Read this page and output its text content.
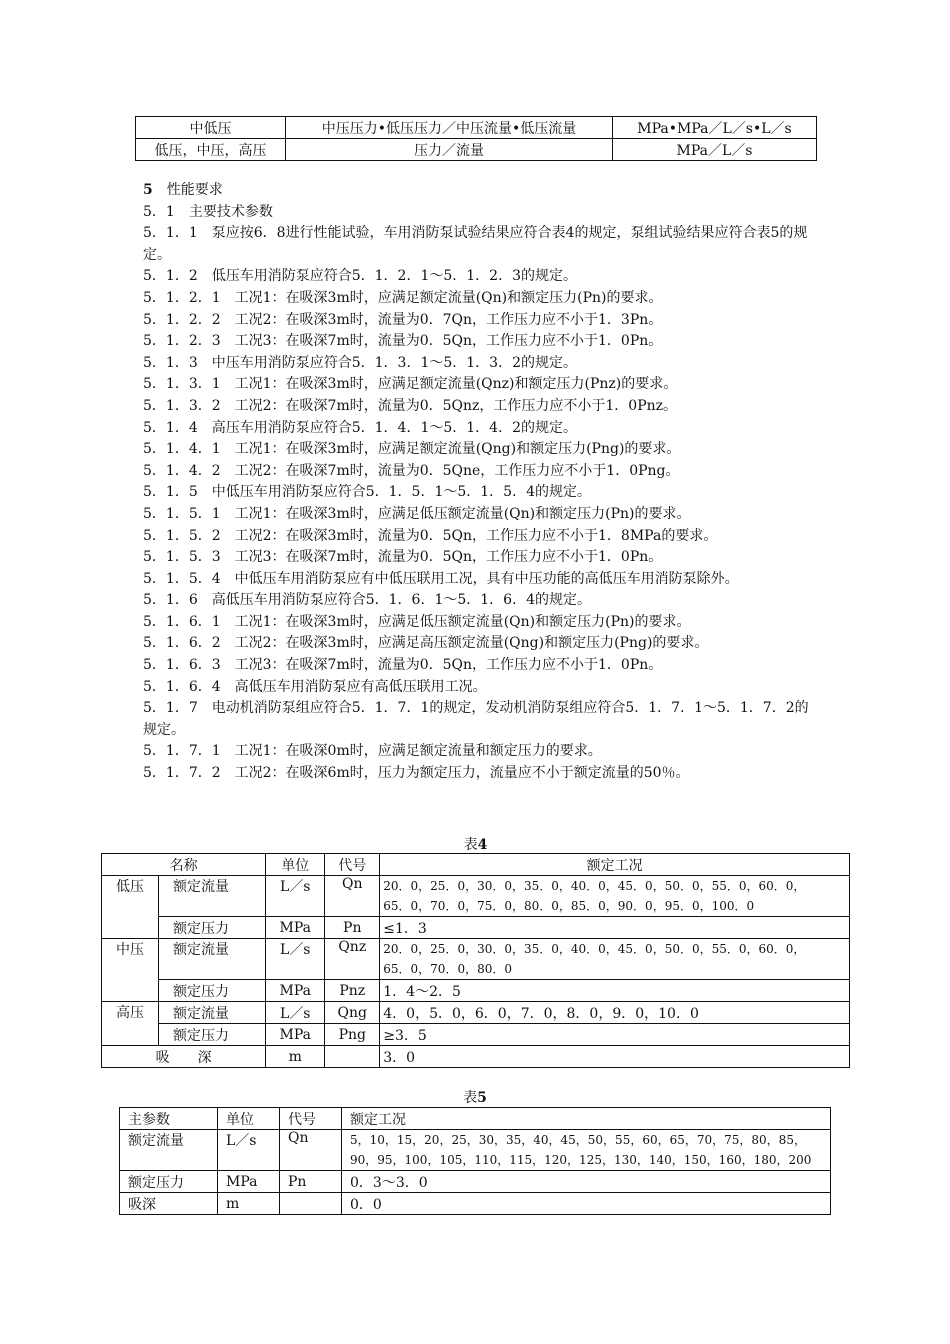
中低压	中压压力•低压压力／中压流量•低压流量	MPa•MPa／L／s•L／s
低压，中压，高压	压力／流量	MPa／L／s

5　 性能要求

5．1　主要技术参数

5．1．1　泵应按6．8进行性能试验，车用消防泵试验结果应符合表4的规定，泵组试验结果应符合表5的规定。

5．1．2　低压车用消防泵应符合5．1．2．1～5．1．2．3的规定。

5．1．2．1　工况1：在吸深3m时，应满足额定流量(Qn)和额定压力(Pn)的要求。

5．1．2．2　工况2：在吸深3m时，流量为0．7Qn，工作压力应不小于1．3Pn。

5．1．2．3　工况3：在吸深7m时，流量为0．5Qn，工作压力应不小于1．0Pn。

5．1．3　中压车用消防泵应符合5．1．3．1～5．1．3．2的规定。

5．1．3．1　工况1：在吸深3m时，应满足额定流量(Qnz)和额定压力(Pnz)的要求。

5．1．3．2　工况2：在吸深7m时，流量为0．5Qnz，工作压力应不小于1．0Pnz。

5．1．4　高压车用消防泵应符合5．1．4．1～5．1．4．2的规定。

5．1．4．1　工况1：在吸深3m时，应满足额定流量(Qng)和额定压力(Png)的要求。

5．1．4．2　工况2：在吸深7m时，流量为0．5Qne，工作压力应不小于1．0Png。

5．1．5　中低压车用消防泵应符合5．1．5．1～5．1．5．4的规定。

5．1．5．1　工况1：在吸深3m时，应满足低压额定流量(Qn)和额定压力(Pn)的要求。

5．1．5．2　工况2：在吸深3m时，流量为0．5Qn，工作压力应不小于1．8MPa的要求。

5．1．5．3　工况3：在吸深7m时，流量为0．5Qn，工作压力应不小于1．0Pn。

5．1．5．4　中低压车用消防泵应有中低压联用工况，具有中压功能的高低压车用消防泵除外。

5．1．6　高低压车用消防泵应符合5．1．6．1～5．1．6．4的规定。

5．1．6．1　工况1：在吸深3m时，应满足低压额定流量(Qn)和额定压力(Pn)的要求。

5．1．6．2　工况2：在吸深3m时，应满足高压额定流量(Qng)和额定压力(Png)的要求。

5．1．6．3　工况3：在吸深7m时，流量为0．5Qn，工作压力应不小于1．0Pn。

5．1．6．4　高低压车用消防泵应有高低压联用工况。

5．1．7　电动机消防泵组应符合5．1．7．1的规定，发动机消防泵组应符合5．1．7．1～5．1．7．2的规定。

5．1．7．1　工况1：在吸深0m时，应满足额定流量和额定压力的要求。

5．1．7．2　工况2：在吸深6m时，压力为额定压力，流量应不小于额定流量的50％。

表4
名称		单位	代号	额定工况
低压	额定流量	L／s	Qn	20．0，25．0，30．0，35．0，40．0，45．0，50．0，55．0，60．0，
65．0，70．0，75．0，80．0，85．0，90．0，95．0，100．0

	额定压力	MPa	Pn	≤1．3
中压	额定流量	L／s	Qnz	20．0，25．0，30．0，35．0，40．0，45．0，50．0，55．0，60．0，
65．0，70．0，80．0

	额定压力	MPa	Pnz	1．4～2．5
高压	额定流量	L／s	Qng	4．0，5．0，6．0，7．0，8．0，9．0，10．0
	额定压力	MPa	Png	≥3．5
吸　　深		m		3．0
表5
主参数	单位	代号	额定工况
额定流量	L／s	Qn	5，10，15，20，25，30，35，40，45，50，55，60，65，70，75，80，85，
90，95，100，105，110，115，120，125，130，140，150，160，180，200

额定压力	MPa	Pn	0．3～3．0
吸深	m		0．0
